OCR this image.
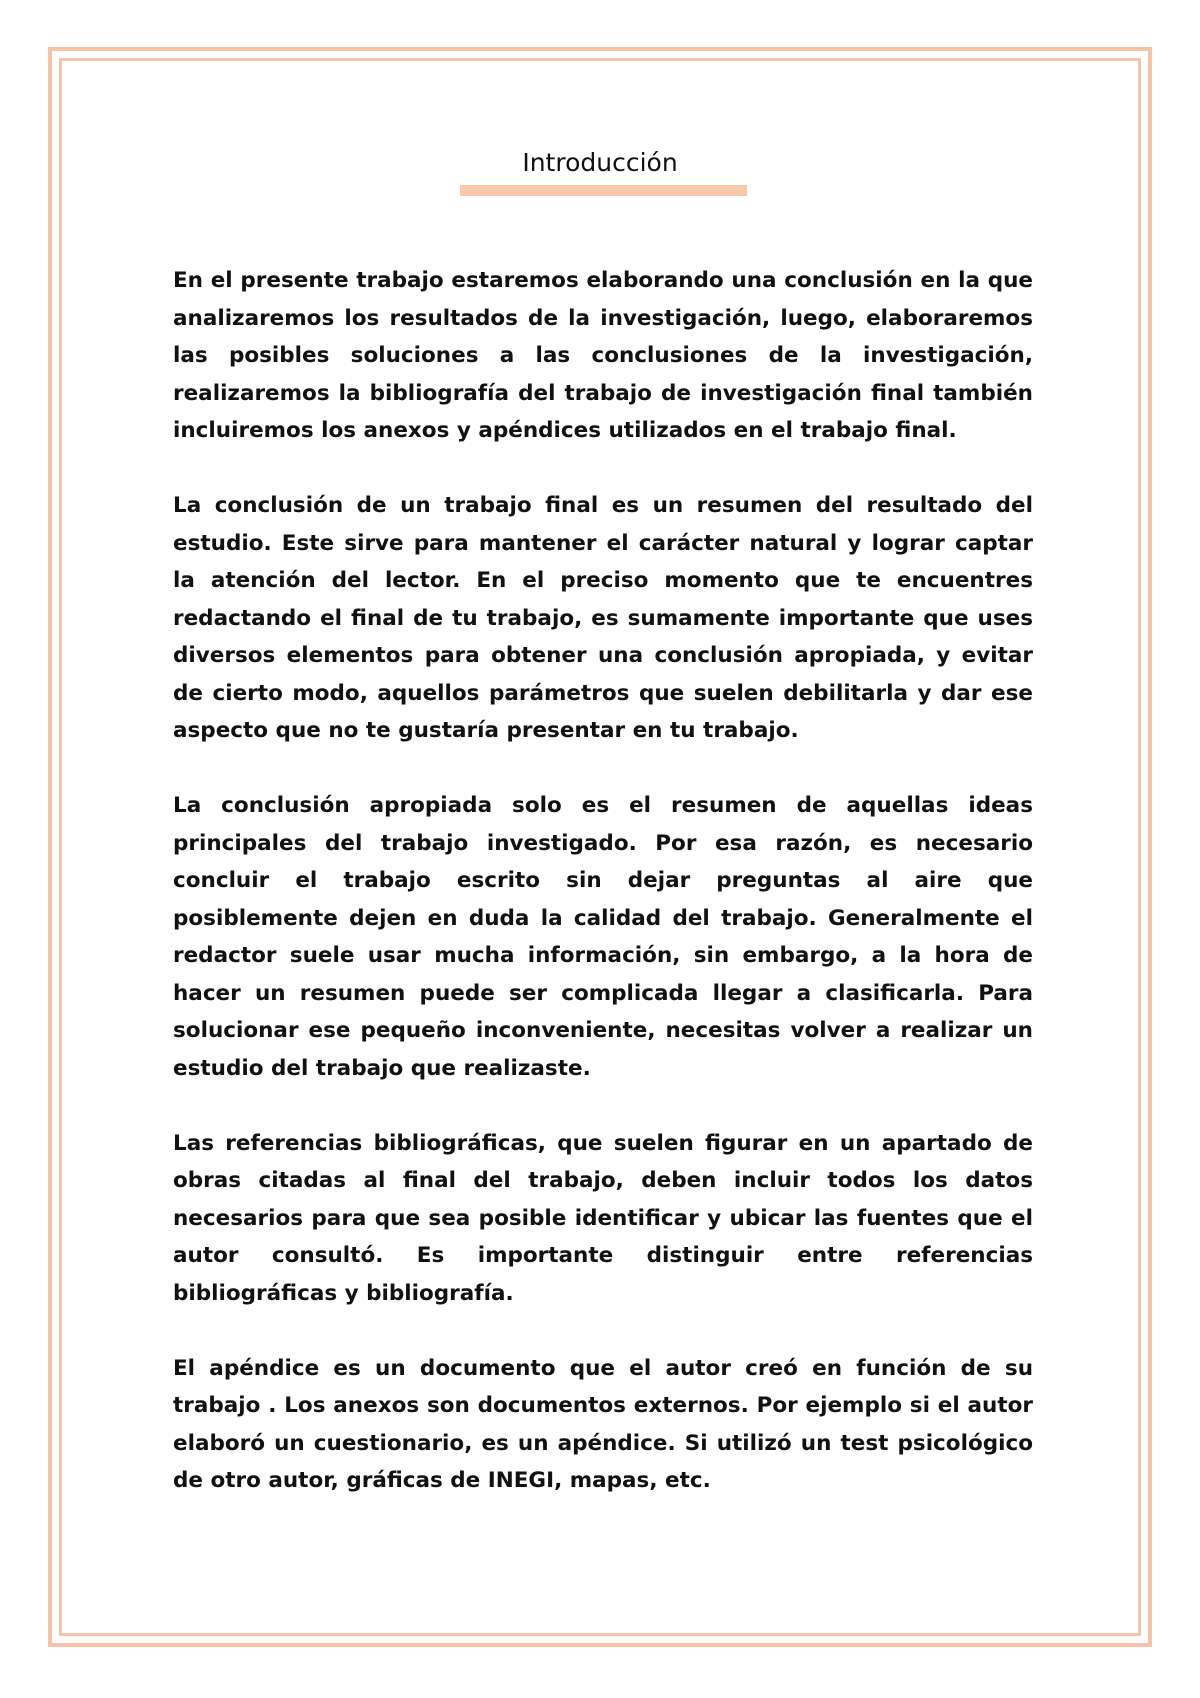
Introducción

En el presente trabajo estaremos elaborando una conclusión en la que analizaremos los resultados de la investigación, luego, elaboraremos las posibles soluciones a las conclusiones de la investigación, realizaremos la bibliografía del trabajo de investigación final también incluiremos los anexos y apéndices utilizados en el trabajo final.

La conclusión de un trabajo final es un resumen del resultado del estudio. Este sirve para mantener el carácter natural y lograr captar la atención del lector. En el preciso momento que te encuentres redactando el final de tu trabajo, es sumamente importante que uses diversos elementos para obtener una conclusión apropiada, y evitar de cierto modo, aquellos parámetros que suelen debilitarla y dar ese aspecto que no te gustaría presentar en tu trabajo.

La conclusión apropiada solo es el resumen de aquellas ideas principales del trabajo investigado. Por esa razón, es necesario concluir el trabajo escrito sin dejar preguntas al aire que posiblemente dejen en duda la calidad del trabajo. Generalmente el redactor suele usar mucha información, sin embargo, a la hora de hacer un resumen puede ser complicada llegar a clasificarla. Para solucionar ese pequeño inconveniente, necesitas volver a realizar un estudio del trabajo que realizaste.

Las referencias bibliográficas, que suelen figurar en un apartado de obras citadas al final del trabajo, deben incluir todos los datos necesarios para que sea posible identificar y ubicar las fuentes que el autor consultó. Es importante distinguir entre referencias bibliográficas y bibliografía.

El apéndice es un documento que el autor creó en función de su trabajo . Los anexos son documentos externos. Por ejemplo si el autor elaboró un cuestionario, es un apéndice. Si utilizó un test psicológico de otro autor, gráficas de INEGI, mapas, etc.
